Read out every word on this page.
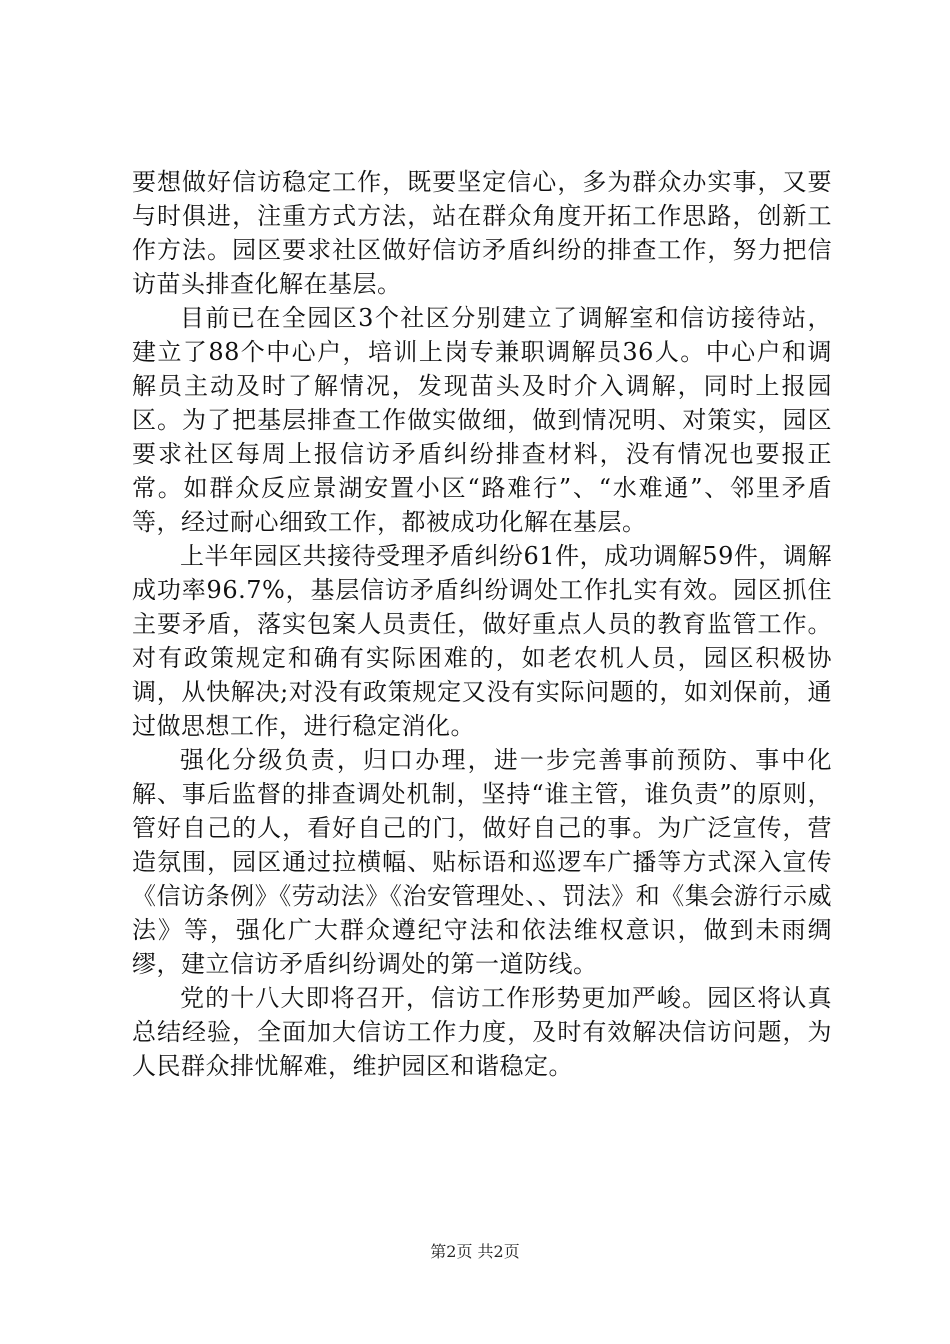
要想做好信访稳定工作，既要坚定信心，多为群众办实事，又要与时俱进，注重方式方法，站在群众角度开拓工作思路，创新工作方法。园区要求社区做好信访矛盾纠纷的排查工作，努力把信访苗头排查化解在基层。

目前已在全园区3个社区分别建立了调解室和信访接待站，建立了88个中心户，培训上岗专兼职调解员36人。中心户和调解员主动及时了解情况，发现苗头及时介入调解，同时上报园区。为了把基层排查工作做实做细，做到情况明、对策实，园区要求社区每周上报信访矛盾纠纷排查材料，没有情况也要报正常。如群众反应景湖安置小区“路难行”、“水难通”、邻里矛盾等，经过耐心细致工作，都被成功化解在基层。

上半年园区共接待受理矛盾纠纷61件，成功调解59件，调解成功率96.7%，基层信访矛盾纠纷调处工作扎实有效。园区抓住主要矛盾，落实包案人员责任，做好重点人员的教育监管工作。对有政策规定和确有实际困难的，如老农机人员，园区积极协调，从快解决;对没有政策规定又没有实际问题的，如刘保前，通过做思想工作，进行稳定消化。

强化分级负责，归口办理，进一步完善事前预防、事中化解、事后监督的排查调处机制，坚持“谁主管，谁负责”的原则，管好自己的人，看好自己的门，做好自己的事。为广泛宣传，营造氛围，园区通过拉横幅、贴标语和巡逻车广播等方式深入宣传《信访条例》《劳动法》《治安管理处、、罚法》和《集会游行示威法》等，强化广大群众遵纪守法和依法维权意识，做到未雨绸缪，建立信访矛盾纠纷调处的第一道防线。

党的十八大即将召开，信访工作形势更加严峻。园区将认真总结经验，全面加大信访工作力度，及时有效解决信访问题，为人民群众排忧解难，维护园区和谐稳定。

第2页 共2页
